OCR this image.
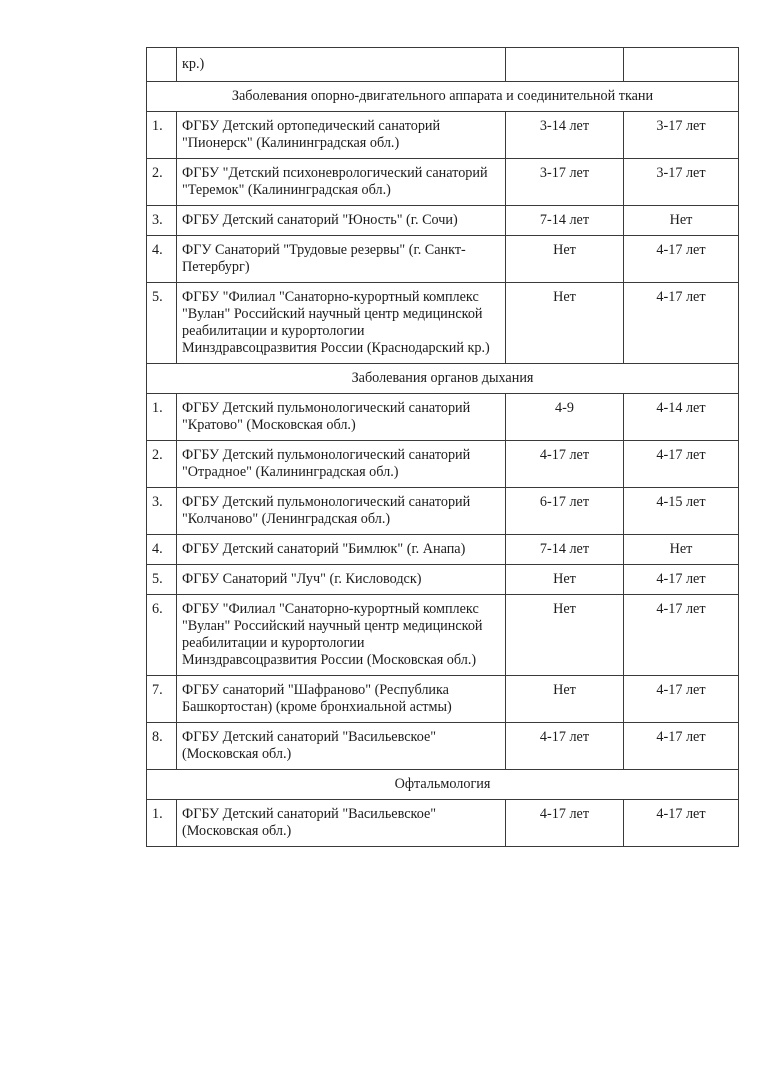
	кр.)		
Заболевания опорно-двигательного аппарата и соединительной ткани			
1.	ФГБУ Детский ортопедический санаторий "Пионерск" (Калининградская обл.)	3-14 лет	3-17 лет
2.	ФГБУ "Детский психоневрологический санаторий "Теремок" (Калининградская обл.)	3-17 лет	3-17 лет
3.	ФГБУ Детский санаторий "Юность" (г. Сочи)	7-14 лет	Нет
4.	ФГУ Санаторий "Трудовые резервы" (г. Санкт-Петербург)	Нет	4-17 лет
5.	ФГБУ "Филиал "Санаторно-курортный комплекс "Вулан" Российский научный центр медицинской реабилитации и курортологии Минздравсоцразвития России (Краснодарский кр.)	Нет	4-17 лет
Заболевания органов дыхания			
1.	ФГБУ Детский пульмонологический санаторий "Кратово" (Московская обл.)	4-9	4-14 лет
2.	ФГБУ Детский пульмонологический санаторий "Отрадное" (Калининградская обл.)	4-17 лет	4-17 лет
3.	ФГБУ Детский пульмонологический санаторий "Колчаново" (Ленинградская обл.)	6-17 лет	4-15 лет
4.	ФГБУ Детский санаторий "Бимлюк" (г. Анапа)	7-14 лет	Нет
5.	ФГБУ Санаторий "Луч" (г. Кисловодск)	Нет	4-17 лет
6.	ФГБУ "Филиал "Санаторно-курортный комплекс "Вулан" Российский научный центр медицинской реабилитации и курортологии Минздравсоцразвития России (Московская обл.)	Нет	4-17 лет
7.	ФГБУ санаторий "Шафраново" (Республика Башкортостан) (кроме бронхиальной астмы)	Нет	4-17 лет
8.	ФГБУ Детский санаторий "Васильевское" (Московская обл.)	4-17 лет	4-17 лет
Офтальмология			
1.	ФГБУ Детский санаторий "Васильевское" (Московская обл.)	4-17 лет	4-17 лет
